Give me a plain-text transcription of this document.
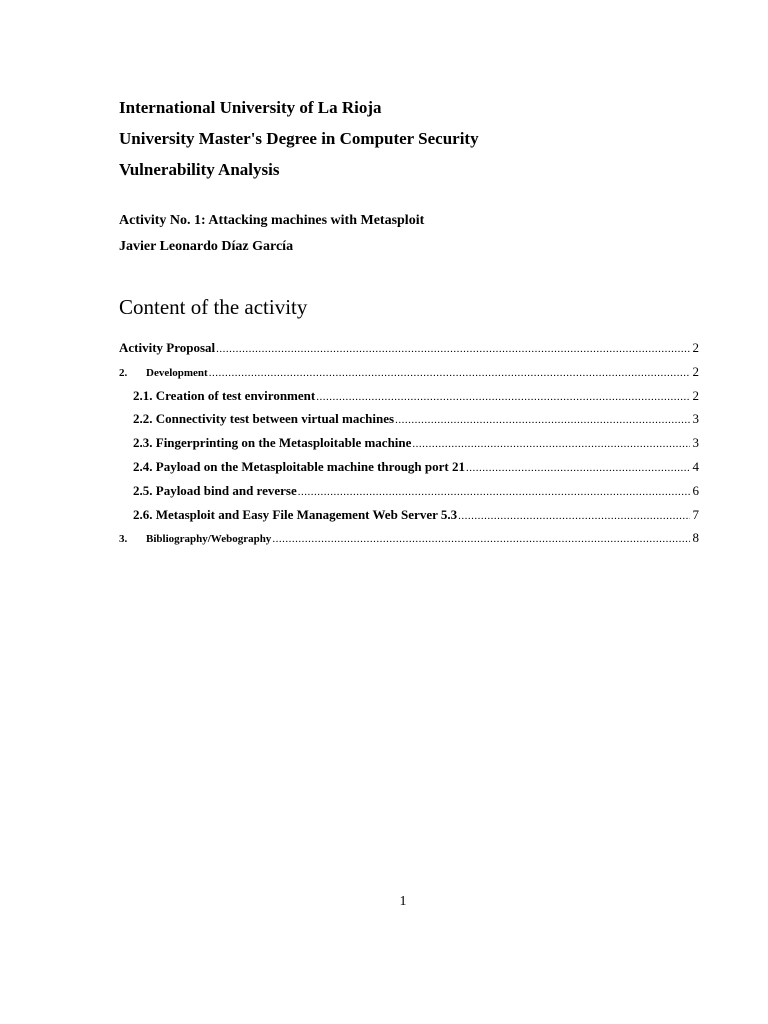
International University of La Rioja
University Master's Degree in Computer Security
Vulnerability Analysis
Activity No. 1: Attacking machines with Metasploit
Javier Leonardo Díaz García
Content of the activity
Activity Proposal .....	2
2.	Development .....	2
2.1. Creation of test environment .....	2
2.2. Connectivity test between virtual machines .....	3
2.3. Fingerprinting on the Metasploitable machine .....	3
2.4. Payload on the Metasploitable machine through port 21 .....	4
2.5. Payload bind and reverse .....	6
2.6. Metasploit and Easy File Management Web Server 5.3 .....	7
3.	Bibliography/Webography .....	8
1
